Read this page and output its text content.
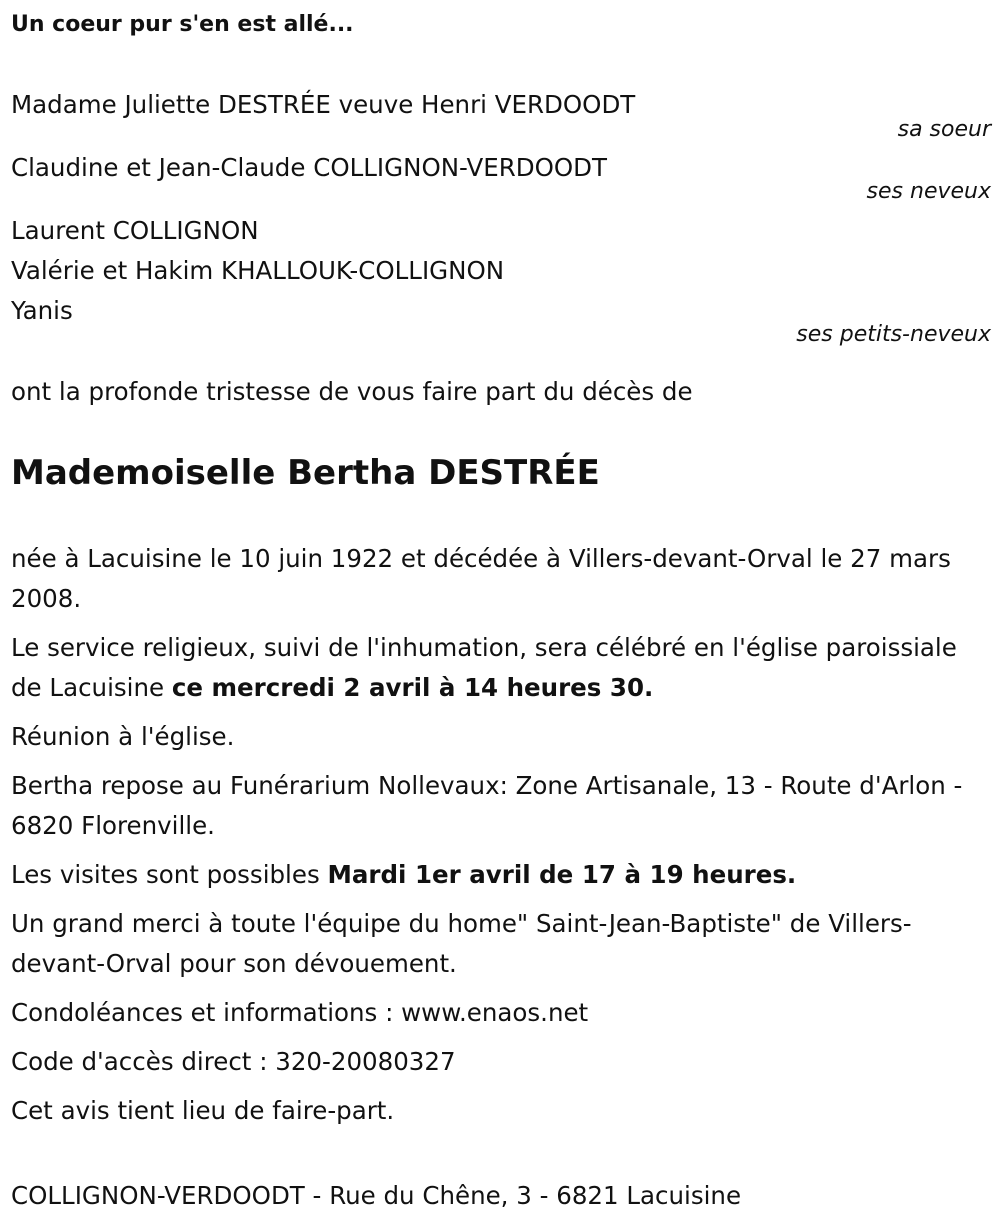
Un coeur pur s'en est allé...
Madame Juliette DESTRÉE veuve Henri VERDOODT
sa soeur
Claudine et Jean-Claude COLLIGNON-VERDOODT
ses neveux
Laurent COLLIGNON
Valérie et Hakim KHALLOUK-COLLIGNON
Yanis
ses petits-neveux
ont la profonde tristesse de vous faire part du décès de
Mademoiselle Bertha DESTRÉE

née à Lacuisine le 10 juin 1922 et décédée à Villers-devant-Orval le 27 mars 2008.

Le service religieux, suivi de l'inhumation, sera célébré en l'église paroissiale de Lacuisine ce mercredi 2 avril à 14 heures 30.

Réunion à l'église.

Bertha repose au Funérarium Nollevaux: Zone Artisanale, 13 - Route d'Arlon - 6820 Florenville.

Les visites sont possibles Mardi 1er avril de 17 à 19 heures.

Un grand merci à toute l'équipe du home" Saint-Jean-Baptiste" de Villers-devant-Orval pour son dévouement.

Condoléances et informations : www.enaos.net

Code d'accès direct : 320-20080327

Cet avis tient lieu de faire-part.

COLLIGNON-VERDOODT - Rue du Chêne, 3 - 6821 Lacuisine
